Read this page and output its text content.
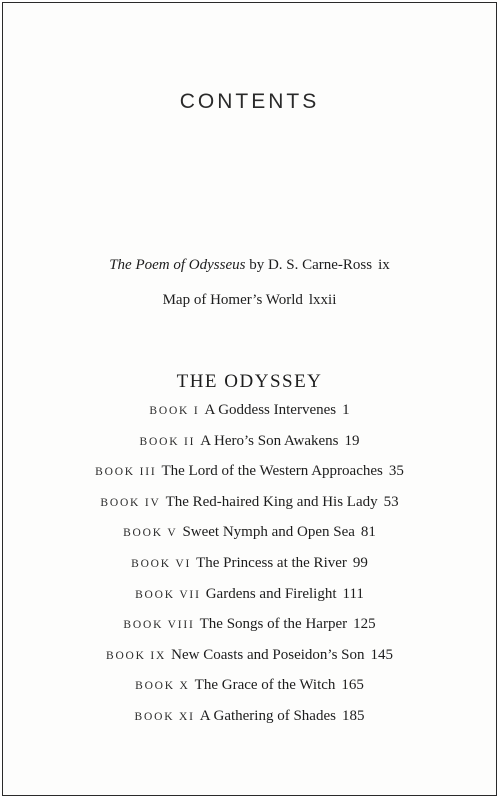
CONTENTS
The Poem of Odysseus by D. S. Carne-Ross ix
Map of Homer’s World lxxii
THE ODYSSEY
BOOK I A Goddess Intervenes 1
BOOK II A Hero’s Son Awakens 19
BOOK III The Lord of the Western Approaches 35
BOOK IV The Red-haired King and His Lady 53
BOOK V Sweet Nymph and Open Sea 81
BOOK VI The Princess at the River 99
BOOK VII Gardens and Firelight 111
BOOK VIII The Songs of the Harper 125
BOOK IX New Coasts and Poseidon’s Son 145
BOOK X The Grace of the Witch 165
BOOK XI A Gathering of Shades 185
